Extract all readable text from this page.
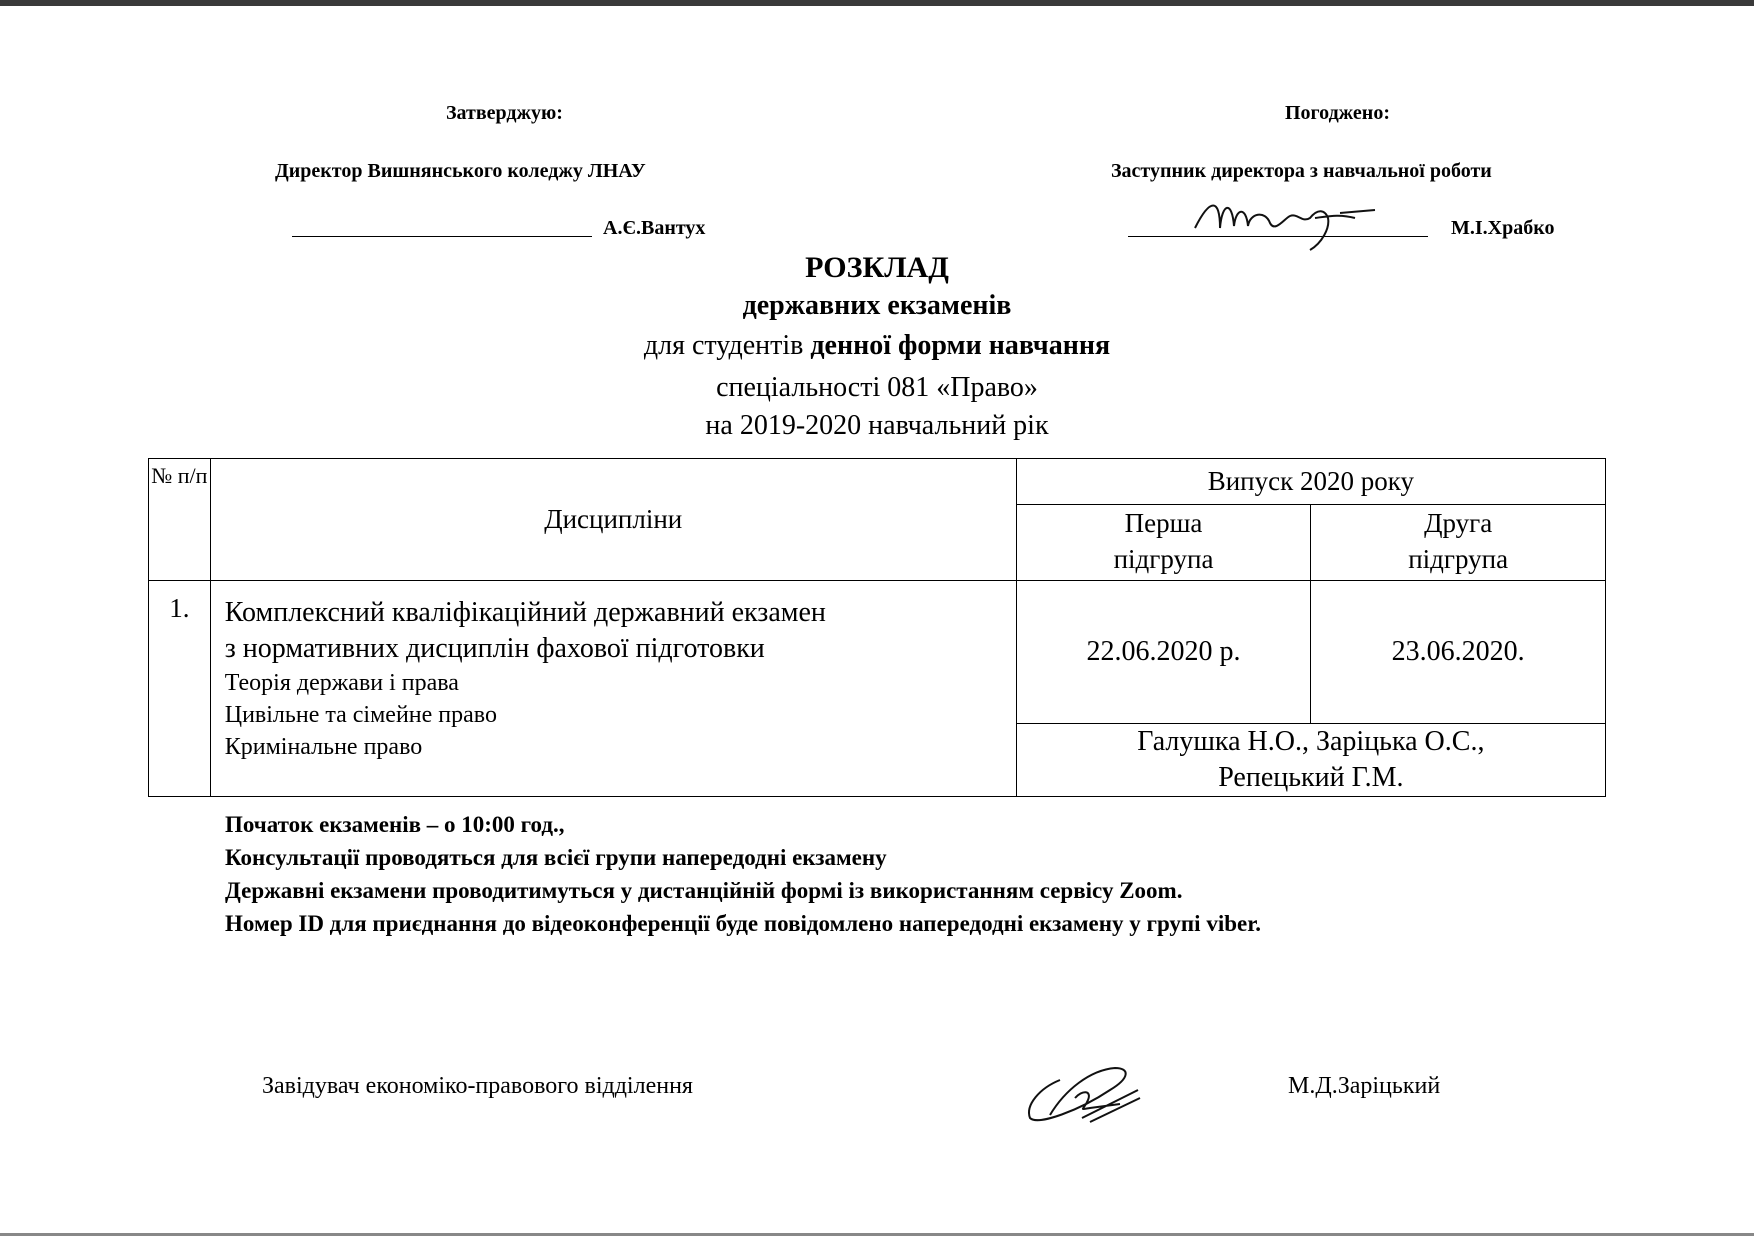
Затверджую:
Директор Вишнянського коледжу ЛНАУ
А.Є.Вантух
Погоджено:
Заступник директора з навчальної роботи
М.І.Храбко
РОЗКЛАД
державних екзаменів
для студентів денної форми навчання
спеціальності 081 «Право»
на 2019-2020 навчальний рік
№ п/п	Дисципліни	Випуск 2020 року	

		Перша підгрупа	Друга підгрупа

1.	Комплексний кваліфікаційний державний екзамен
з нормативних дисциплін фахової підготовки
Теорія держави і права
Цивільне та сімейне право
Кримінальне право	22.06.2020 р.	23.06.2020.

		Галушка Н.О., Заріцька О.С.,
Репецький Г.М.	
Початок екзаменів – о 10:00 год.,
Консультації проводяться для всієї групи напередодні екзамену
Державні екзамени проводитимуться у дистанційній формі із використанням сервісу Zoom.
Номер ID для приєднання до відеоконференції буде повідомлено напередодні екзамену у групі viber.
Завідувач економіко-правового відділення	М.Д.Заріцький
